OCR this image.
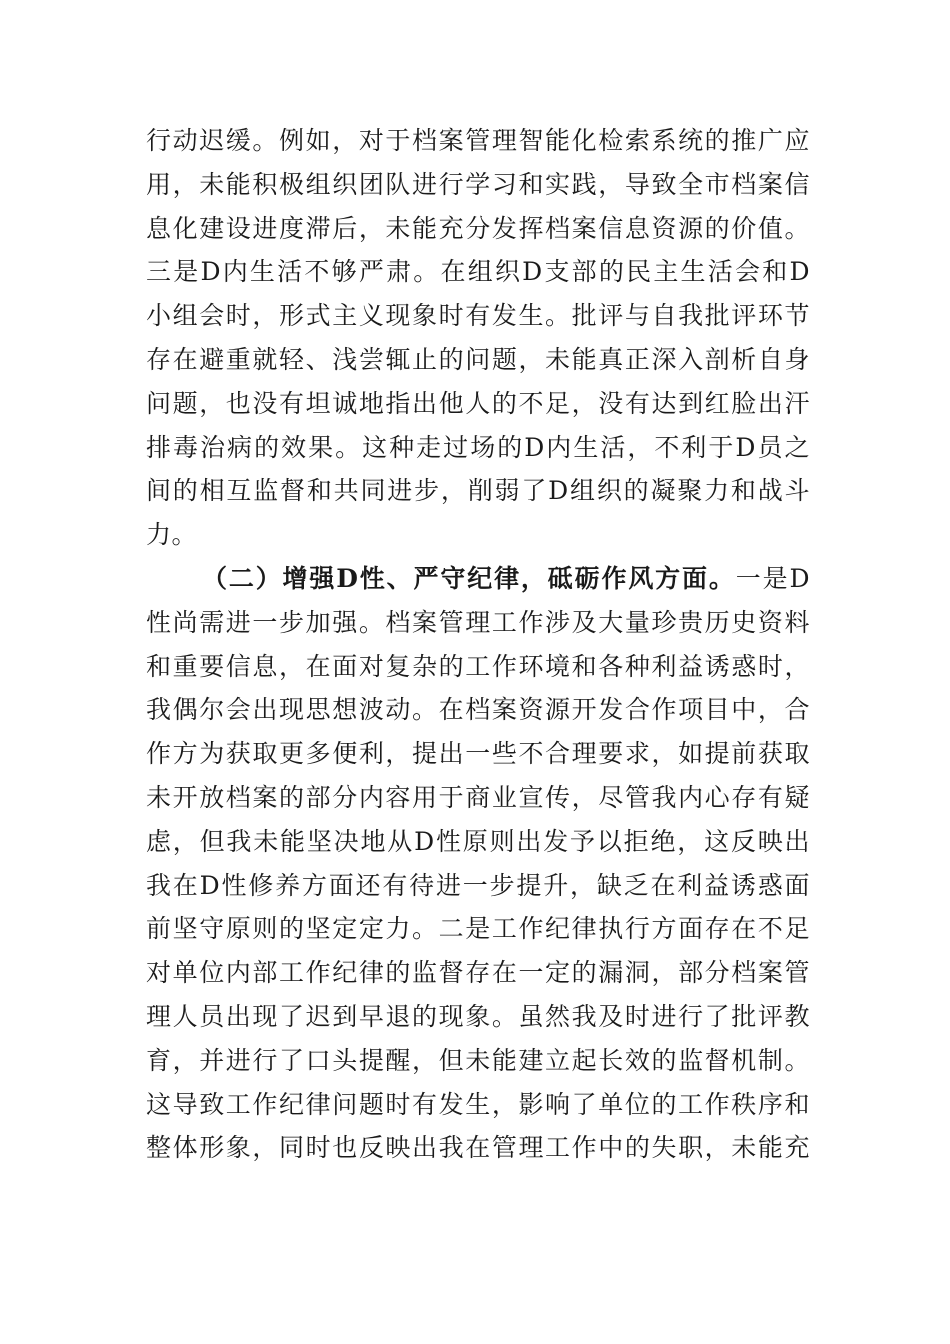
行动迟缓。例如，对于档案管理智能化检索系统的推广应
用，未能积极组织团队进行学习和实践，导致全市档案信
息化建设进度滞后，未能充分发挥档案信息资源的价值。
三是D内生活不够严肃。在组织D支部的民主生活会和D
小组会时，形式主义现象时有发生。批评与自我批评环节
存在避重就轻、浅尝辄止的问题，未能真正深入剖析自身
问题，也没有坦诚地指出他人的不足，没有达到红脸出汗
排毒治病的效果。这种走过场的D内生活，不利于D员之
间的相互监督和共同进步，削弱了D组织的凝聚力和战斗
力。
（二）增强D性、严守纪律，砥砺作风方面。一是D
性尚需进一步加强。档案管理工作涉及大量珍贵历史资料
和重要信息，在面对复杂的工作环境和各种利益诱惑时，
我偶尔会出现思想波动。在档案资源开发合作项目中，合
作方为获取更多便利，提出一些不合理要求，如提前获取
未开放档案的部分内容用于商业宣传，尽管我内心存有疑
虑，但我未能坚决地从D性原则出发予以拒绝，这反映出
我在D性修养方面还有待进一步提升，缺乏在利益诱惑面
前坚守原则的坚定定力。二是工作纪律执行方面存在不足
对单位内部工作纪律的监督存在一定的漏洞，部分档案管
理人员出现了迟到早退的现象。虽然我及时进行了批评教
育，并进行了口头提醒，但未能建立起长效的监督机制。
这导致工作纪律问题时有发生，影响了单位的工作秩序和
整体形象，同时也反映出我在管理工作中的失职，未能充
